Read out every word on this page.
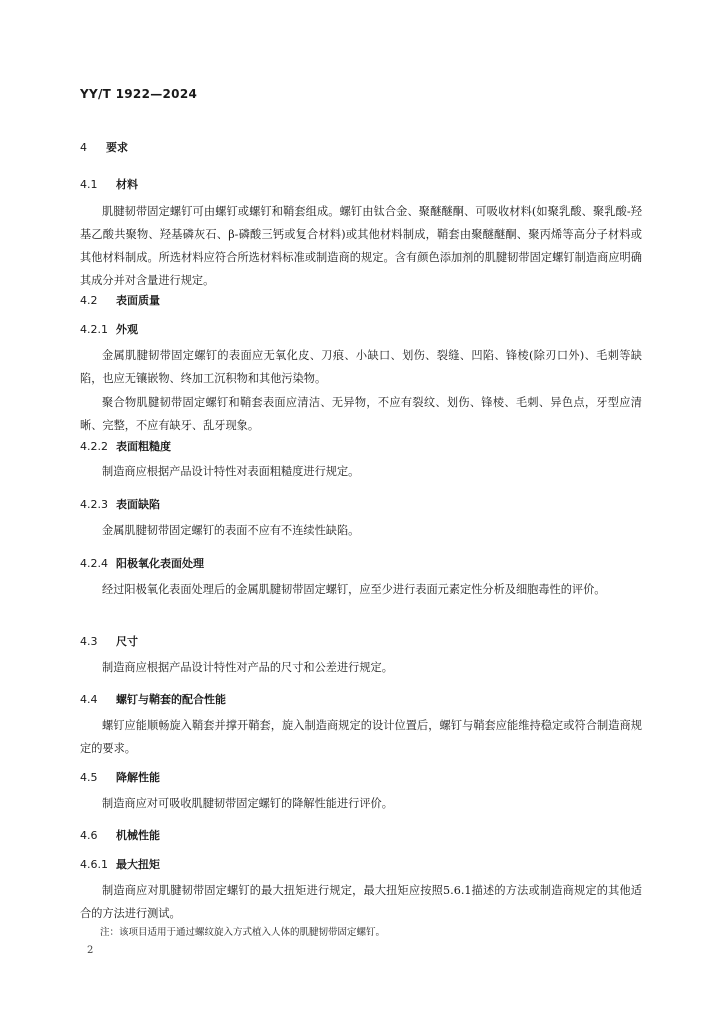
YY/T 1922—2024
4 要求
4.1 材料
肌腱韧带固定螺钉可由螺钉或螺钉和鞘套组成。螺钉由钛合金、聚醚醚酮、可吸收材料(如聚乳酸、聚乳酸-羟基乙酸共聚物、羟基磷灰石、β-磷酸三钙或复合材料)或其他材料制成，鞘套由聚醚醚酮、聚丙烯等高分子材料或其他材料制成。所选材料应符合所选材料标准或制造商的规定。含有颜色添加剂的肌腱韧带固定螺钉制造商应明确其成分并对含量进行规定。
4.2 表面质量
4.2.1 外观
金属肌腱韧带固定螺钉的表面应无氧化皮、刀痕、小缺口、划伤、裂缝、凹陷、锋棱(除刃口外)、毛刺等缺陷，也应无镶嵌物、终加工沉积物和其他污染物。
聚合物肌腱韧带固定螺钉和鞘套表面应清洁、无异物，不应有裂纹、划伤、锋棱、毛刺、异色点，牙型应清晰、完整，不应有缺牙、乱牙现象。
4.2.2 表面粗糙度
制造商应根据产品设计特性对表面粗糙度进行规定。
4.2.3 表面缺陷
金属肌腱韧带固定螺钉的表面不应有不连续性缺陷。
4.2.4 阳极氧化表面处理
经过阳极氧化表面处理后的金属肌腱韧带固定螺钉，应至少进行表面元素定性分析及细胞毒性的评价。
4.3 尺寸
制造商应根据产品设计特性对产品的尺寸和公差进行规定。
4.4 螺钉与鞘套的配合性能
螺钉应能顺畅旋入鞘套并撑开鞘套，旋入制造商规定的设计位置后，螺钉与鞘套应能维持稳定或符合制造商规定的要求。
4.5 降解性能
制造商应对可吸收肌腱韧带固定螺钉的降解性能进行评价。
4.6 机械性能
4.6.1 最大扭矩
制造商应对肌腱韧带固定螺钉的最大扭矩进行规定，最大扭矩应按照5.6.1描述的方法或制造商规定的其他适合的方法进行测试。
注：该项目适用于通过螺纹旋入方式植入人体的肌腱韧带固定螺钉。
2
